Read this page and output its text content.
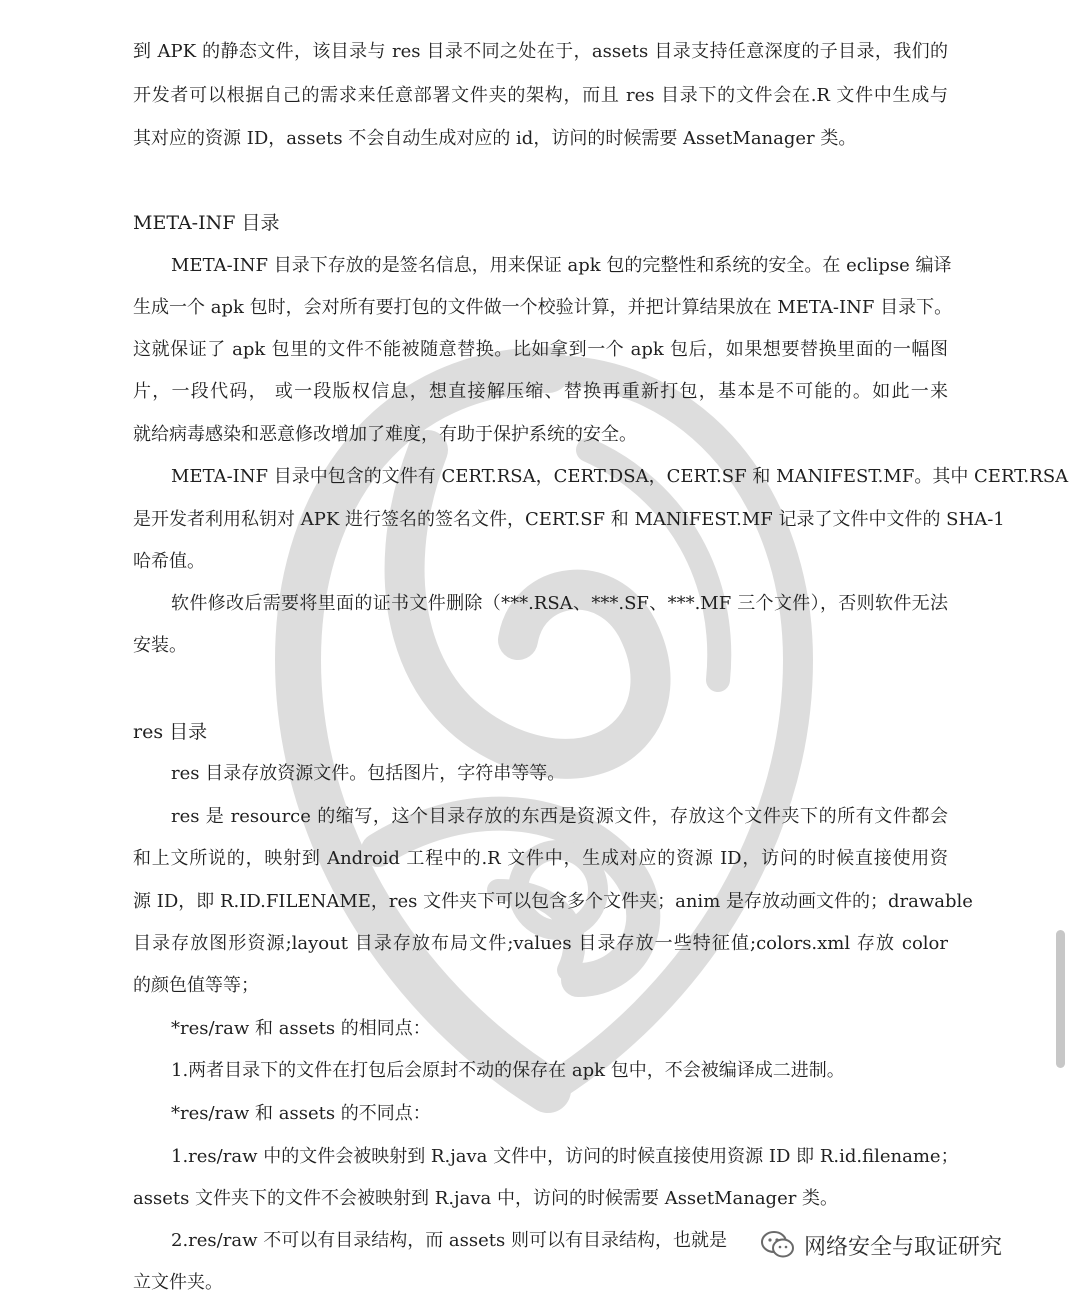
到 APK 的静态文件，该目录与 res 目录不同之处在于，assets 目录支持任意深度的子目录，我们的
开发者可以根据自己的需求来任意部署文件夹的架构，而且 res 目录下的文件会在.R 文件中生成与
其对应的资源 ID，assets 不会自动生成对应的 id，访问的时候需要 AssetManager 类。
META-INF 目录
META-INF 目录下存放的是签名信息，用来保证 apk 包的完整性和系统的安全。在 eclipse 编译
生成一个 apk 包时，会对所有要打包的文件做一个校验计算，并把计算结果放在 META-INF 目录下。
这就保证了 apk 包里的文件不能被随意替换。比如拿到一个 apk 包后，如果想要替换里面的一幅图
片，一段代码， 或一段版权信息，想直接解压缩、替换再重新打包，基本是不可能的。如此一来
就给病毒感染和恶意修改增加了难度，有助于保护系统的安全。
META-INF 目录中包含的文件有 CERT.RSA，CERT.DSA，CERT.SF 和 MANIFEST.MF。其中 CERT.RSA
是开发者利用私钥对 APK 进行签名的签名文件，CERT.SF 和 MANIFEST.MF 记录了文件中文件的 SHA-1
哈希值。
软件修改后需要将里面的证书文件删除（***.RSA、***.SF、***.MF 三个文件），否则软件无法
安装。
res 目录
res 目录存放资源文件。包括图片，字符串等等。
res 是 resource 的缩写，这个目录存放的东西是资源文件，存放这个文件夹下的所有文件都会
和上文所说的，映射到 Android 工程中的.R 文件中，生成对应的资源 ID，访问的时候直接使用资
源 ID，即 R.ID.FILENAME，res 文件夹下可以包含多个文件夹；anim 是存放动画文件的；drawable
目录存放图形资源;layout 目录存放布局文件;values 目录存放一些特征值;colors.xml 存放 color
的颜色值等等；
*res/raw 和 assets 的相同点：
1.两者目录下的文件在打包后会原封不动的保存在 apk 包中，不会被编译成二进制。
*res/raw 和 assets 的不同点：
1.res/raw 中的文件会被映射到 R.java 文件中，访问的时候直接使用资源 ID 即 R.id.filename；
assets 文件夹下的文件不会被映射到 R.java 中，访问的时候需要 AssetManager 类。
2.res/raw 不可以有目录结构，而 assets 则可以有目录结构，也就是
立文件夹。
网络安全与取证研究
